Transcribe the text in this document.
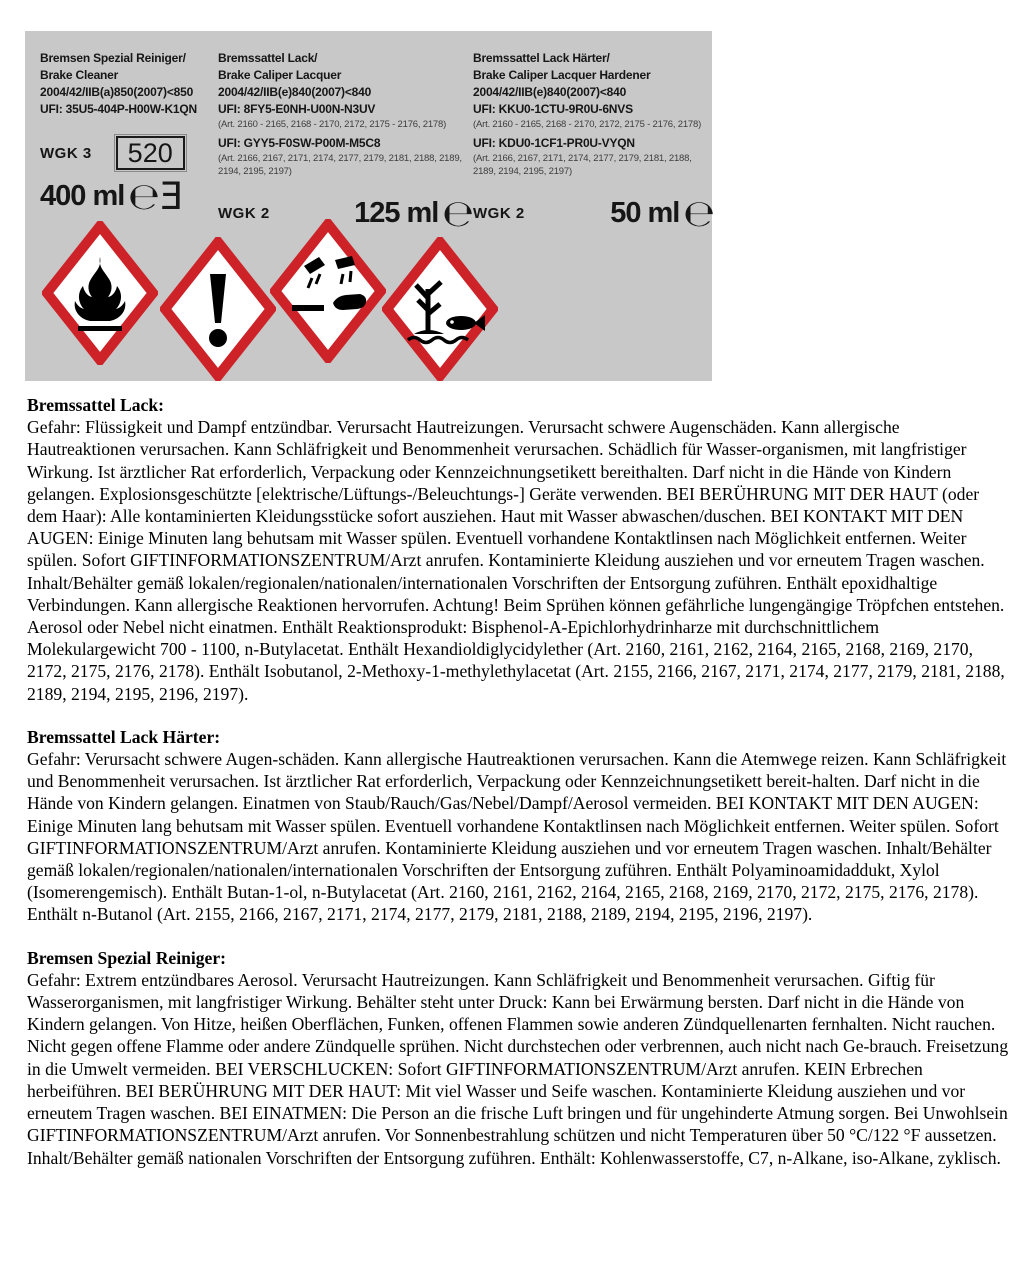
Bremsen Spezial Reiniger/
Brake Cleaner
2004/42/IIB(a)850(2007)<850
UFI: 35U5-404P-H00W-K1QN
WGK 3	520
400 ml ℮Ǝ
Bremssattel Lack/
Brake Caliper Lacquer
2004/42/IIB(e)840(2007)<840
UFI: 8FY5-E0NH-U00N-N3UV
(Art. 2160 - 2165, 2168 - 2170, 2172, 2175 - 2176, 2178)
UFI: GYY5-F0SW-P00M-M5C8
(Art. 2166, 2167, 2171, 2174, 2177, 2179, 2181, 2188, 2189, 2194, 2195, 2197)
WGK 2	125 ml ℮
Bremssattel Lack Härter/
Brake Caliper Lacquer Hardener
2004/42/IIB(e)840(2007)<840
UFI: KKU0-1CTU-9R0U-6NVS
(Art. 2160 - 2165, 2168 - 2170, 2172, 2175 - 2176, 2178)
UFI: KDU0-1CF1-PR0U-VYQN
(Art. 2166, 2167, 2171, 2174, 2177, 2179, 2181, 2188, 2189, 2194, 2195, 2197)
WGK 2	50 ml ℮
Bremssattel Lack:

Gefahr: Flüssigkeit und Dampf entzündbar. Verursacht Hautreizungen. Verursacht schwere Augenschäden. Kann allergische Hautreaktionen verursachen. Kann Schläfrigkeit und Benommenheit verursachen. Schädlich für Wasser-organismen, mit langfristiger Wirkung. Ist ärztlicher Rat erforderlich, Verpackung oder Kennzeichnungsetikett bereithalten. Darf nicht in die Hände von Kindern gelangen. Explosionsgeschützte [elektrische/Lüftungs-/Beleuchtungs-] Geräte verwenden. BEI BERÜHRUNG MIT DER HAUT (oder dem Haar): Alle kontaminierten Kleidungsstücke sofort ausziehen. Haut mit Wasser abwaschen/duschen. BEI KONTAKT MIT DEN AUGEN: Einige Minuten lang behutsam mit Wasser spülen. Eventuell vorhandene Kontaktlinsen nach Möglichkeit entfernen. Weiter spülen. Sofort GIFTINFORMATIONSZENTRUM/Arzt anrufen. Kontaminierte Kleidung ausziehen und vor erneutem Tragen waschen. Inhalt/Behälter gemäß lokalen/regionalen/nationalen/internationalen Vorschriften der Entsorgung zuführen. Enthält epoxidhaltige Verbindungen. Kann allergische Reaktionen hervorrufen. Achtung! Beim Sprühen können gefährliche lungengängige Tröpfchen entstehen. Aerosol oder Nebel nicht einatmen. Enthält Reaktionsprodukt: Bisphenol-A-Epichlorhydrinharze mit durchschnittlichem Molekulargewicht 700 - 1100, n-Butylacetat. Enthält Hexandioldiglycidylether (Art. 2160, 2161, 2162, 2164, 2165, 2168, 2169, 2170, 2172, 2175, 2176, 2178). Enthält Isobutanol, 2-Methoxy-1-methylethylacetat (Art. 2155, 2166, 2167, 2171, 2174, 2177, 2179, 2181, 2188, 2189, 2194, 2195, 2196, 2197).

Bremssattel Lack Härter:

Gefahr: Verursacht schwere Augen-schäden. Kann allergische Hautreaktionen verursachen. Kann die Atemwege reizen. Kann Schläfrigkeit und Benommenheit verursachen. Ist ärztlicher Rat erforderlich, Verpackung oder Kennzeichnungsetikett bereit-halten. Darf nicht in die Hände von Kindern gelangen. Einatmen von Staub/Rauch/Gas/Nebel/Dampf/Aerosol vermeiden. BEI KONTAKT MIT DEN AUGEN: Einige Minuten lang behutsam mit Wasser spülen. Eventuell vorhandene Kontaktlinsen nach Möglichkeit entfernen. Weiter spülen. Sofort GIFTINFORMATIONSZENTRUM/Arzt anrufen. Kontaminierte Kleidung ausziehen und vor erneutem Tragen waschen. Inhalt/Behälter gemäß lokalen/regionalen/nationalen/internationalen Vorschriften der Entsorgung zuführen. Enthält Polyaminoamidaddukt, Xylol (Isomerengemisch). Enthält Butan-1-ol, n-Butylacetat (Art. 2160, 2161, 2162, 2164, 2165, 2168, 2169, 2170, 2172, 2175, 2176, 2178). Enthält n-Butanol (Art. 2155, 2166, 2167, 2171, 2174, 2177, 2179, 2181, 2188, 2189, 2194, 2195, 2196, 2197).

Bremsen Spezial Reiniger:

Gefahr: Extrem entzündbares Aerosol. Verursacht Hautreizungen. Kann Schläfrigkeit und Benommenheit verursachen. Giftig für Wasserorganismen, mit langfristiger Wirkung. Behälter steht unter Druck: Kann bei Erwärmung bersten. Darf nicht in die Hände von Kindern gelangen. Von Hitze, heißen Oberflächen, Funken, offenen Flammen sowie anderen Zündquellenarten fernhalten. Nicht rauchen. Nicht gegen offene Flamme oder andere Zündquelle sprühen. Nicht durchstechen oder verbrennen, auch nicht nach Ge-brauch. Freisetzung in die Umwelt vermeiden. BEI VERSCHLUCKEN: Sofort GIFTINFORMATIONSZENTRUM/Arzt anrufen. KEIN Erbrechen herbeiführen. BEI BERÜHRUNG MIT DER HAUT: Mit viel Wasser und Seife waschen. Kontaminierte Kleidung ausziehen und vor erneutem Tragen waschen. BEI EINATMEN: Die Person an die frische Luft bringen und für ungehinderte Atmung sorgen. Bei Unwohlsein GIFTINFORMATIONSZENTRUM/Arzt anrufen. Vor Sonnenbestrahlung schützen und nicht Temperaturen über 50 °C/122 °F aussetzen. Inhalt/Behälter gemäß nationalen Vorschriften der Entsorgung zuführen. Enthält: Kohlenwasserstoffe, C7, n-Alkane, iso-Alkane, zyklisch.
